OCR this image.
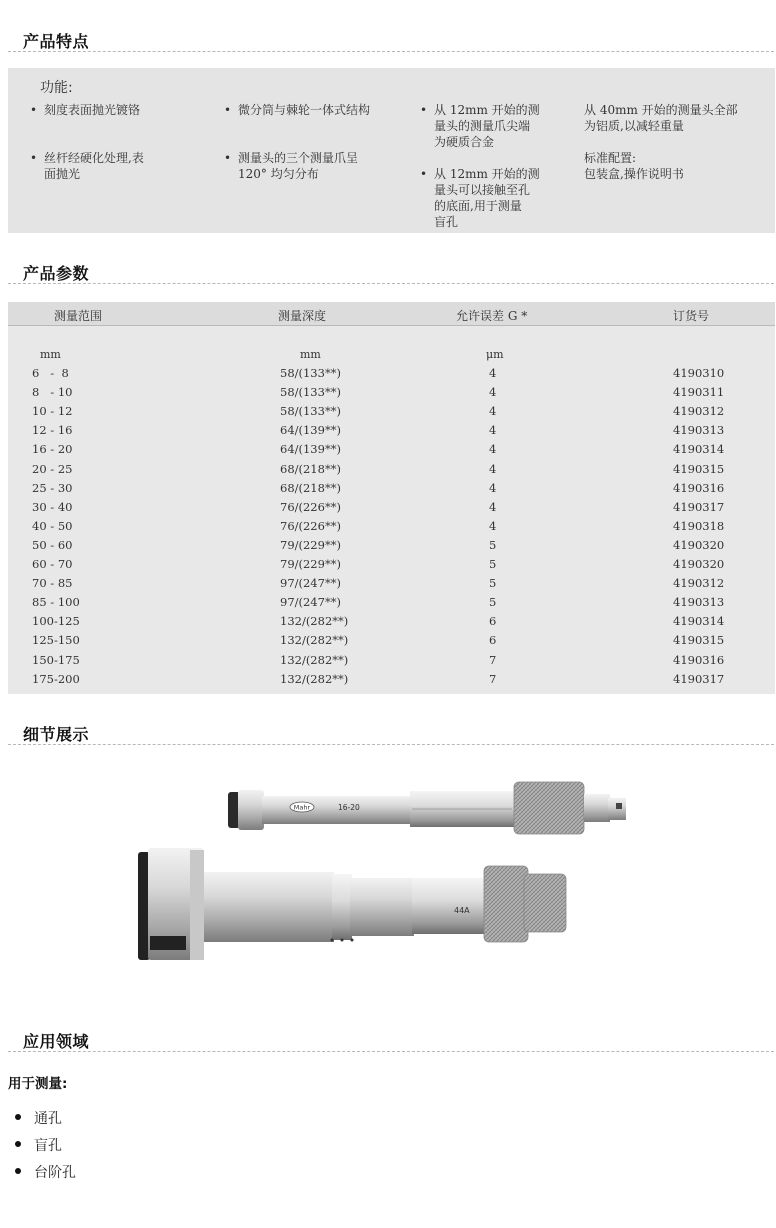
产品特点
功能:
• 刻度表面抛光镀铬
• 丝杆经硬化处理,表
面抛光
• 微分筒与棘轮一体式结构
• 测量头的三个测量爪呈
120° 均匀分布
• 从 12mm 开始的测
量头的测量爪尖端
为硬质合金
• 从 12mm 开始的测
量头可以接触至孔
的底面,用于测量
盲孔
从 40mm 开始的测量头全部
为铝质,以减轻重量
标准配置:
包装盒,操作说明书
产品参数
测量范围	测量深度	允许误差 G *	订货号
mm	mm	μm
6   -  8	58/(133**)	4	4190310
8   - 10	58/(133**)	4	4190311
10 - 12	58/(133**)	4	4190312
12 - 16	64/(139**)	4	4190313
16 - 20	64/(139**)	4	4190314
20 - 25	68/(218**)	4	4190315
25 - 30	68/(218**)	4	4190316
30 - 40	76/(226**)	4	4190317
40 - 50	76/(226**)	4	4190318
50 - 60	79/(229**)	5	4190320
60 - 70	79/(229**)	5	4190320
70 - 85	97/(247**)	5	4190312
85 - 100	97/(247**)	5	4190313
100-125	132/(282**)	6	4190314
125-150	132/(282**)	6	4190315
150-175	132/(282**)	7	4190316
175-200	132/(282**)	7	4190317
细节展示
Mahr	16-20
44A
应用领域
用于测量:
通孔
盲孔
台阶孔
